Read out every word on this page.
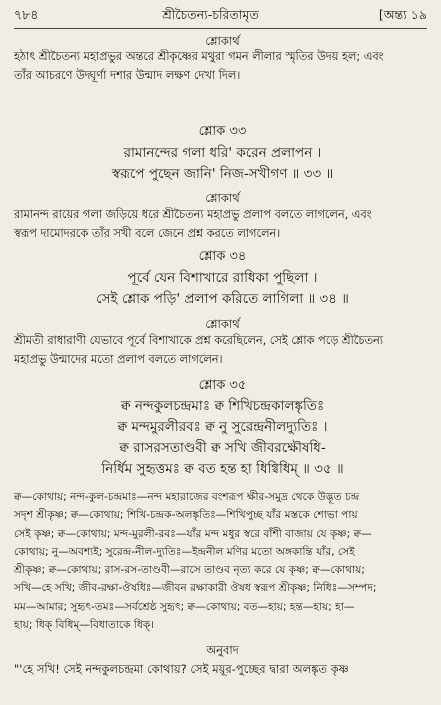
৭৮৪	শ্রীচৈতন্য-চরিতামৃত	[অন্ত্য ১৯
শ্লোকার্থ
হঠাৎ শ্রীচৈতন্য মহাপ্রভুর অন্তরে শ্রীকৃষ্ণের মথুরা গমন লীলার স্মৃতির উদয় হল; এবং
তাঁর আচরণে উদ্ঘূর্ণা দশার উন্মাদ লক্ষণ দেখা দিল।
শ্লোক ৩৩
রামানন্দের গলা ধরি' করেন প্রলাপন ।
স্বরূপে পুছেন জানি' নিজ-সখীগণ ॥ ৩৩ ॥
শ্লোকার্থ
রামানন্দ রায়ের গলা জড়িয়ে ধরে শ্রীচৈতন্য মহাপ্রভু প্রলাপ বলতে লাগলেন, এবং
স্বরূপ দামোদরকে তাঁর সখী বলে জেনে প্রশ্ন করতে লাগলেন।
শ্লোক ৩৪
পূর্বে যেন বিশাখারে রাধিকা পুছিলা ।
সেই শ্লোক পড়ি' প্রলাপ করিতে লাগিলা ॥ ৩৪ ॥
শ্লোকার্থ
শ্রীমতী রাধারাণী যেভাবে পূর্বে বিশাখাকে প্রশ্ন করেছিলেন, সেই শ্লোক পড়ে শ্রীচৈতন্য
মহাপ্রভু উন্মাদের মতো প্রলাপ বলতে লাগলেন।
শ্লোক ৩৫
ক্ব নন্দকুলচন্দ্রমাঃ ক্ব শিখিচন্দ্রকালঙ্কৃতিঃ
ক্ব মন্দমুরলীরবঃ ক্ব নু সুরেন্দ্রনীলদ্যুতিঃ ।
ক্ব রাসরসতাণ্ডবী ক্ব সখি জীবরক্ষৌষধি-
নির্ধিম সুহৃত্তমঃ ক্ব বত হন্ত হা ধিগ্বিধিম্ ॥ ৩৫ ॥
ক্ব—কোথায়; নন্দ-কুল-চন্দ্রমাঃ—নন্দ মহারাজের বংশরূপ ক্ষীর-সমুদ্র থেকে উদ্ভূত চন্দ্র
সদৃশ শ্রীকৃষ্ণ; ক্ব—কোথায়; শিখি-চন্দ্রক-অলঙ্কৃতিঃ—শিখিপুচ্ছ যাঁর মস্তকে শোভা পায়
সেই কৃষ্ণ; ক্ব—কোথায়; মন্দ-মুরলী-রবঃ—যাঁর মন্দ মধুর স্বরে বাঁশী বাজায় যে কৃষ্ণ; ক্ব—
কোথায়; নু—অবশ্যই; সুরেন্দ্র-নীল-দ্যুতিঃ—ইন্দ্রনীল মণির মতো অঙ্গকান্তি যাঁর, সেই
শ্রীকৃষ্ণ; ক্ব—কোথায়; রাস-রস-তাণ্ডবী—রাসে তাণ্ডব নৃত্য করে যে কৃষ্ণ; ক্ব—কোথায়;
সখি—হে সখি; জীব-রক্ষা-ঔষধিঃ—জীবন রক্ষাকারী ঔষধ স্বরূপ শ্রীকৃষ্ণ; নিধিঃ—সম্পদ;
মম—আমার; সুহৃৎ-তমঃ—সর্বশ্রেষ্ঠ সুহৃৎ; ক্ব—কোথায়; বত—হায়; হন্ত—হায়; হা—
হায়; ধিক্ বিধিম্—বিধাতাকে ধিক্।
অনুবাদ
"'হে সখি! সেই নন্দকুলচন্দ্রমা কোথায়? সেই ময়ূর-পুচ্ছের দ্বারা অলঙ্কৃত কৃষ্ণ
